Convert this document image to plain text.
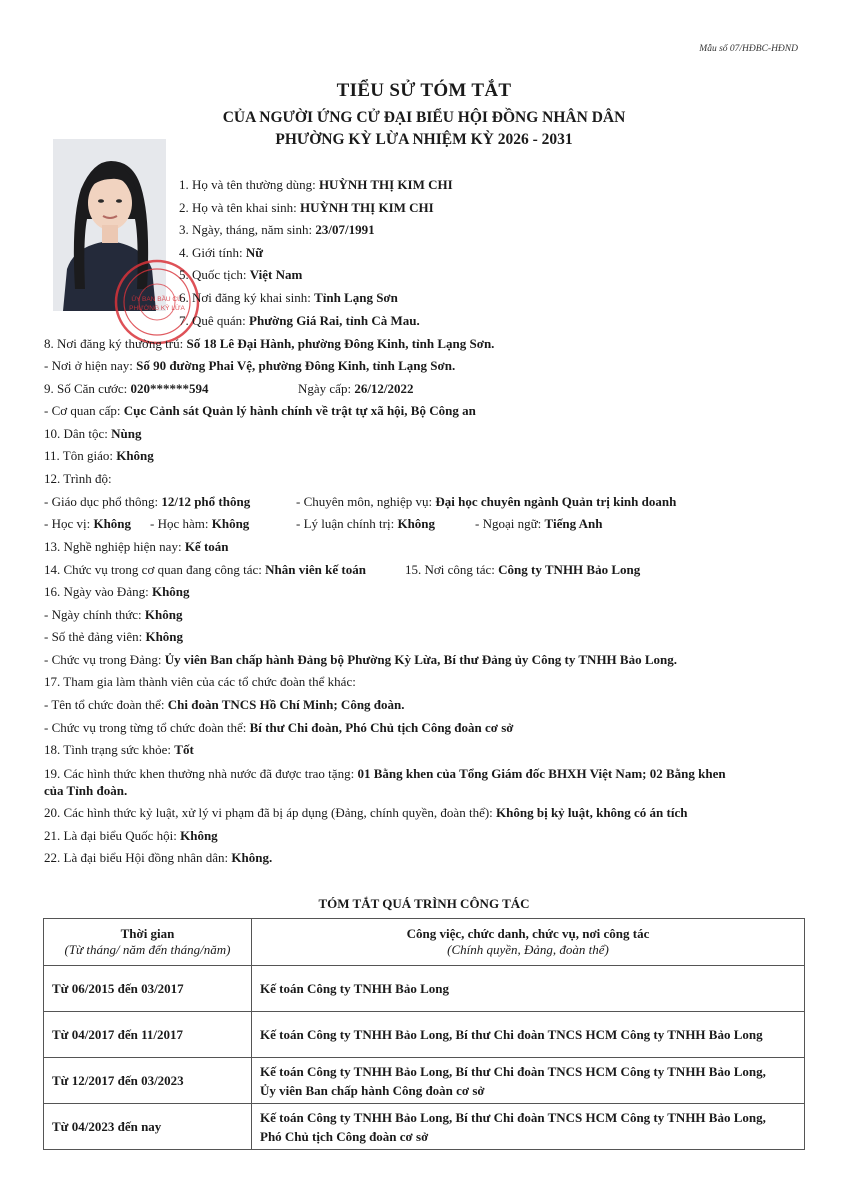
Mẫu số 07/HĐBC-HĐND
TIỂU SỬ TÓM TẮT
CỦA NGƯỜI ỨNG CỬ ĐẠI BIỂU HỘI ĐỒNG NHÂN DÂN
PHƯỜNG KỲ LỪA NHIỆM KỲ 2026 - 2031
ỦY BAN BẦU CỬ
PHƯỜNG KỲ LỪA
1. Họ và tên thường dùng: HUỲNH THỊ KIM CHI
2. Họ và tên khai sinh: HUỲNH THỊ KIM CHI
3. Ngày, tháng, năm sinh: 23/07/1991
4. Giới tính: Nữ
5. Quốc tịch: Việt Nam
6. Nơi đăng ký khai sinh: Tỉnh Lạng Sơn
7. Quê quán: Phường Giá Rai, tỉnh Cà Mau.
8. Nơi đăng ký thường trú: Số 18 Lê Đại Hành, phường Đông Kinh, tỉnh Lạng Sơn.
- Nơi ở hiện nay: Số 90 đường Phai Vệ, phường Đông Kinh, tỉnh Lạng Sơn.
9. Số Căn cước: 020******594	Ngày cấp: 26/12/2022
- Cơ quan cấp: Cục Cảnh sát Quản lý hành chính về trật tự xã hội, Bộ Công an
10. Dân tộc: Nùng
11. Tôn giáo: Không
12. Trình độ:
- Giáo dục phổ thông: 12/12 phổ thông	- Chuyên môn, nghiệp vụ: Đại học chuyên ngành Quản trị kinh doanh
- Học vị: Không - Học hàm: Không	- Lý luận chính trị: Không	- Ngoại ngữ: Tiếng Anh
13. Nghề nghiệp hiện nay: Kế toán
14. Chức vụ trong cơ quan đang công tác: Nhân viên kế toán	15. Nơi công tác: Công ty TNHH Bảo Long
16. Ngày vào Đảng: Không
- Ngày chính thức: Không
- Số thẻ đảng viên: Không
- Chức vụ trong Đảng: Ủy viên Ban chấp hành Đảng bộ Phường Kỳ Lừa, Bí thư Đảng ủy Công ty TNHH Bảo Long.
17. Tham gia làm thành viên của các tổ chức đoàn thể khác:
- Tên tổ chức đoàn thể: Chi đoàn TNCS Hồ Chí Minh; Công đoàn.
- Chức vụ trong từng tổ chức đoàn thể: Bí thư Chi đoàn, Phó Chủ tịch Công đoàn cơ sở
18. Tình trạng sức khỏe: Tốt
19. Các hình thức khen thưởng nhà nước đã được trao tặng: 01 Bằng khen của Tổng Giám đốc BHXH Việt Nam; 02 Bằng khen
của Tỉnh đoàn.
20. Các hình thức kỷ luật, xử lý vi phạm đã bị áp dụng (Đảng, chính quyền, đoàn thể): Không bị kỷ luật, không có án tích
21. Là đại biểu Quốc hội: Không
22. Là đại biểu Hội đồng nhân dân: Không.
TÓM TẮT QUÁ TRÌNH CÔNG TÁC
Thời gian
(Từ tháng/ năm đến tháng/năm)	Công việc, chức danh, chức vụ, nơi công tác
(Chính quyền, Đảng, đoàn thể)
Từ 06/2015 đến 03/2017	Kế toán Công ty TNHH Bảo Long
Từ 04/2017 đến 11/2017	Kế toán Công ty TNHH Bảo Long, Bí thư Chi đoàn TNCS HCM Công ty TNHH Bảo Long
Từ 12/2017 đến 03/2023	Kế toán Công ty TNHH Bảo Long, Bí thư Chi đoàn TNCS HCM Công ty TNHH Bảo Long,
Ủy viên Ban chấp hành Công đoàn cơ sở
Từ 04/2023 đến nay	Kế toán Công ty TNHH Bảo Long, Bí thư Chi đoàn TNCS HCM Công ty TNHH Bảo Long,
Phó Chủ tịch Công đoàn cơ sở
